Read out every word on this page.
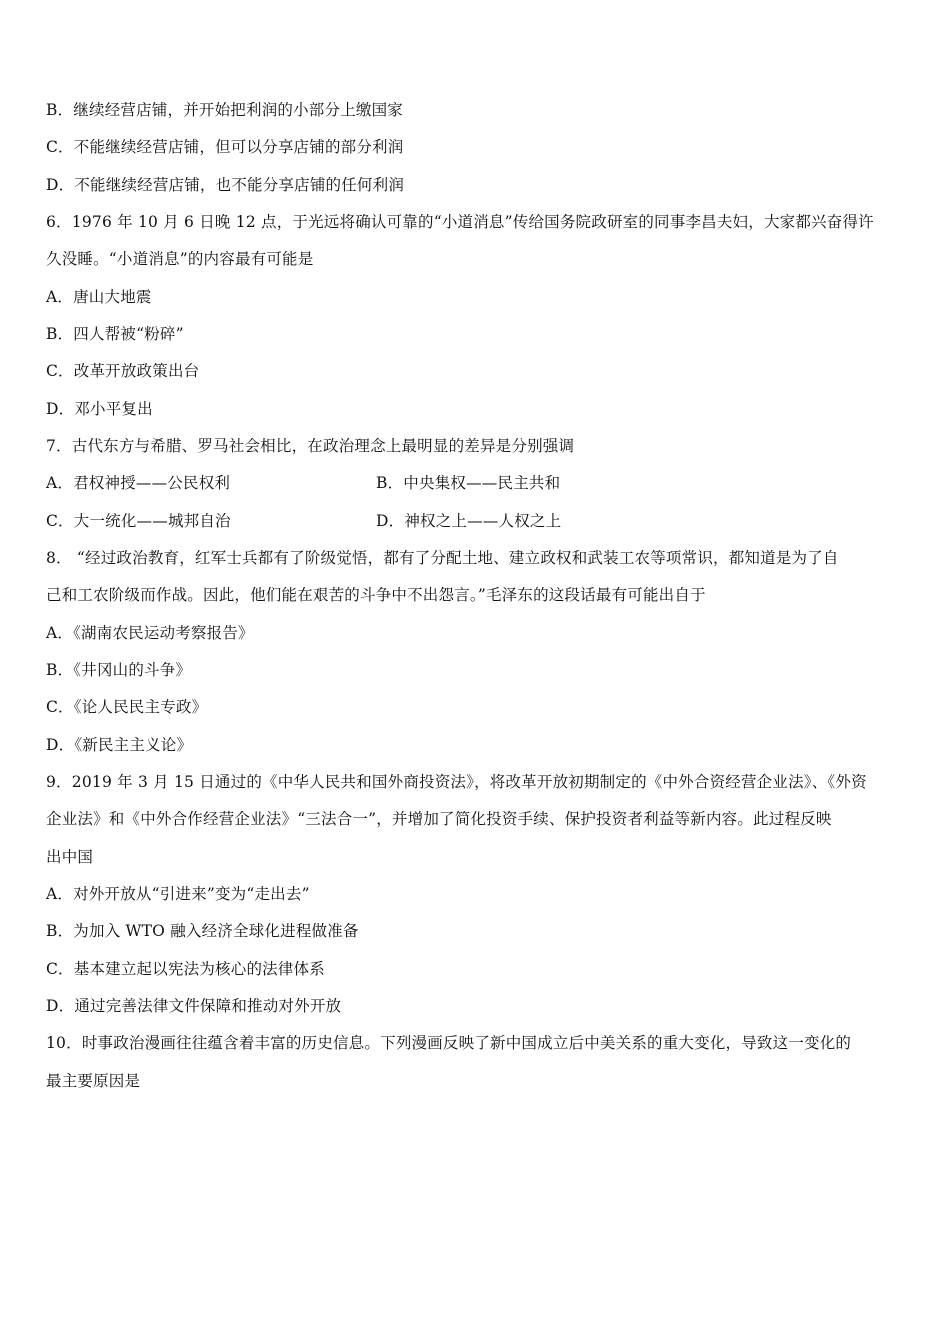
B．继续经营店铺，并开始把利润的小部分上缴国家
C．不能继续经营店铺，但可以分享店铺的部分利润
D．不能继续经营店铺，也不能分享店铺的任何利润
6．1976 年 10 月 6 日晚 12 点，于光远将确认可靠的“小道消息”传给国务院政研室的同事李昌夫妇，大家都兴奋得许
久没睡。“小道消息”的内容最有可能是
A．唐山大地震
B．四人帮被“粉碎”
C．改革开放政策出台
D．邓小平复出
7．古代东方与希腊、罗马社会相比，在政治理念上最明显的差异是分别强调
A．君权神授——公民权利	B．中央集权——民主共和
C．大一统化——城邦自治	D．神权之上——人权之上
8． “经过政治教育，红军士兵都有了阶级觉悟，都有了分配土地、建立政权和武装工农等项常识，都知道是为了自
己和工农阶级而作战。因此，他们能在艰苦的斗争中不出怨言。”毛泽东的这段话最有可能出自于
A．《湖南农民运动考察报告》
B．《井冈山的斗争》
C．《论人民民主专政》
D．《新民主主义论》
9．2019 年 3 月 15 日通过的《中华人民共和国外商投资法》，将改革开放初期制定的《中外合资经营企业法》、《外资
企业法》和《中外合作经营企业法》“三法合一”，并增加了简化投资手续、保护投资者利益等新内容。此过程反映
出中国
A．对外开放从“引进来”变为“走出去”
B．为加入 WTO 融入经济全球化进程做准备
C．基本建立起以宪法为核心的法律体系
D．通过完善法律文件保障和推动对外开放
10．时事政治漫画往往蕴含着丰富的历史信息。下列漫画反映了新中国成立后中美关系的重大变化，导致这一变化的
最主要原因是
